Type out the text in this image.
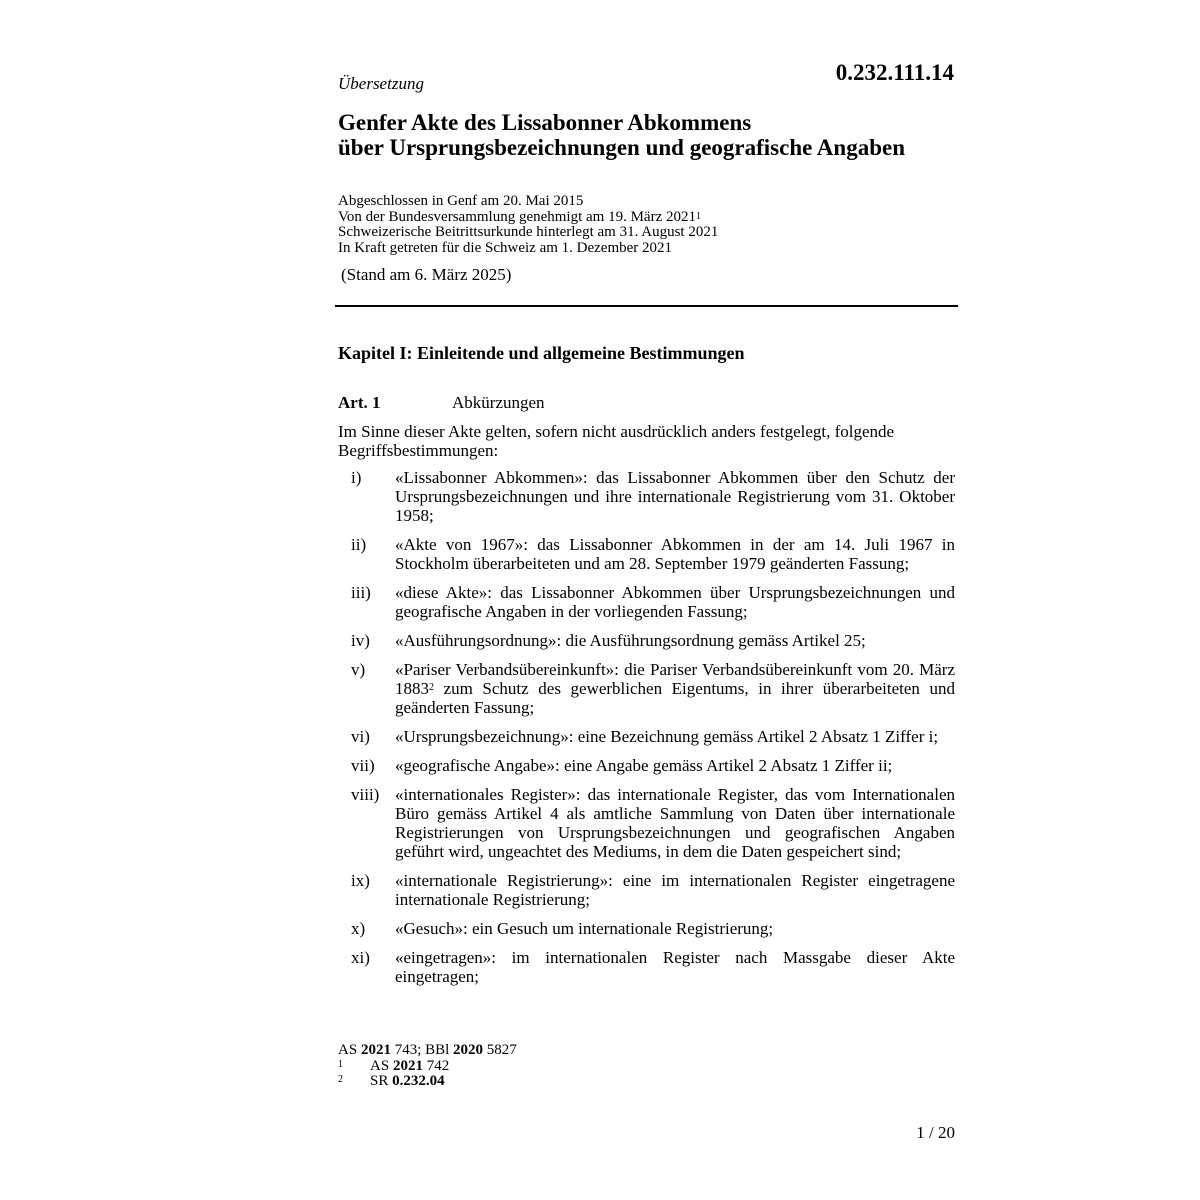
Übersetzung	0.232.111.14
Genfer Akte des Lissabonner Abkommens
über Ursprungsbezeichnungen und geografische Angaben
Abgeschlossen in Genf am 20. Mai 2015
Von der Bundesversammlung genehmigt am 19. März 2021$^1$
Schweizerische Beitrittsurkunde hinterlegt am 31. August 2021
In Kraft getreten für die Schweiz am 1. Dezember 2021
(Stand am 6. März 2025)
Kapitel I: Einleitende und allgemeine Bestimmungen
Art. 1	Abkürzungen
Im Sinne dieser Akte gelten, sofern nicht ausdrücklich anders festgelegt, folgende Begriffsbestimmungen:
i)	«Lissabonner Abkommen»: das Lissabonner Abkommen über den Schutz der Ursprungsbezeichnungen und ihre internationale Registrierung vom 31. Oktober 1958;
ii)	«Akte von 1967»: das Lissabonner Abkommen in der am 14. Juli 1967 in Stockholm überarbeiteten und am 28. September 1979 geänderten Fassung;
iii)	«diese Akte»: das Lissabonner Abkommen über Ursprungsbezeichnungen und geografische Angaben in der vorliegenden Fassung;
iv)	«Ausführungsordnung»: die Ausführungsordnung gemäss Artikel 25;
v)	«Pariser Verbandsübereinkunft»: die Pariser Verbandsübereinkunft vom 20. März 1883$^2$ zum Schutz des gewerblichen Eigentums, in ihrer überarbeiteten und geänderten Fassung;
vi)	«Ursprungsbezeichnung»: eine Bezeichnung gemäss Artikel 2 Absatz 1 Ziffer i;
vii)	«geografische Angabe»: eine Angabe gemäss Artikel 2 Absatz 1 Ziffer ii;
viii) «internationales Register»: das internationale Register, das vom Internationalen Büro gemäss Artikel 4 als amtliche Sammlung von Daten über internationale Registrierungen von Ursprungsbezeichnungen und geografischen Angaben geführt wird, ungeachtet des Mediums, in dem die Daten gespeichert sind;
ix)	«internationale Registrierung»: eine im internationalen Register eingetragene internationale Registrierung;
x)	«Gesuch»: ein Gesuch um internationale Registrierung;
xi)	«eingetragen»: im internationalen Register nach Massgabe dieser Akte eingetragen;
AS 2021 743; BBl 2020 5827
1	AS 2021 742
2	SR 0.232.04
1 / 20
